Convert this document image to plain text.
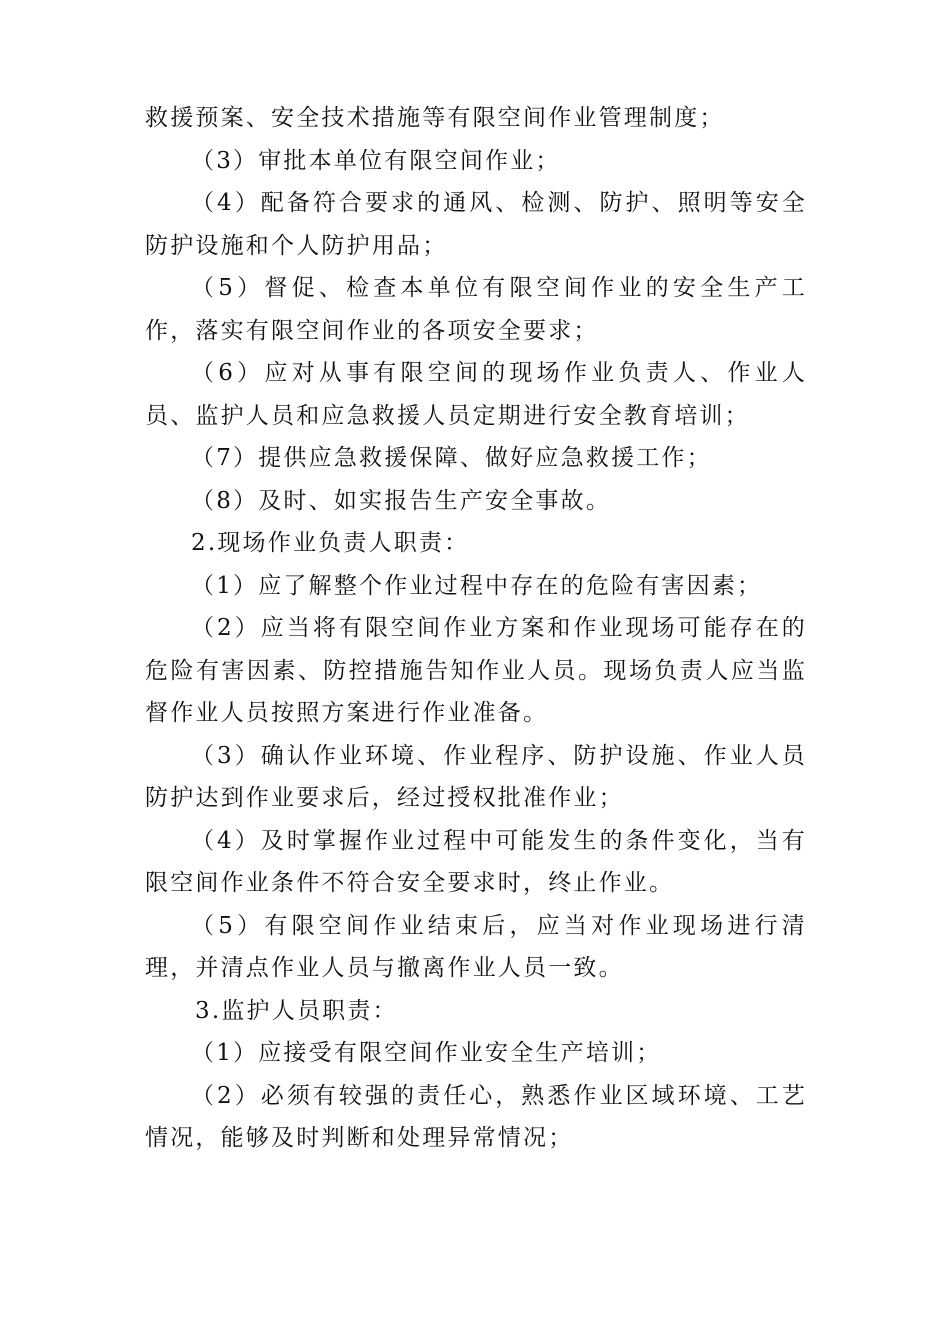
救援预案、安全技术措施等有限空间作业管理制度；

（3）审批本单位有限空间作业；

（4）配备符合要求的通风、检测、防护、照明等安全防护设施和个人防护用品；

（5）督促、检查本单位有限空间作业的安全生产工作，落实有限空间作业的各项安全要求；

（6）应对从事有限空间的现场作业负责人、作业人员、监护人员和应急救援人员定期进行安全教育培训；

（7）提供应急救援保障、做好应急救援工作；

（8）及时、如实报告生产安全事故。

2.现场作业负责人职责：

（1）应了解整个作业过程中存在的危险有害因素；

（2）应当将有限空间作业方案和作业现场可能存在的危险有害因素、防控措施告知作业人员。现场负责人应当监督作业人员按照方案进行作业准备。

（3）确认作业环境、作业程序、防护设施、作业人员防护达到作业要求后，经过授权批准作业；

（4）及时掌握作业过程中可能发生的条件变化，当有限空间作业条件不符合安全要求时，终止作业。

（5）有限空间作业结束后，应当对作业现场进行清理，并清点作业人员与撤离作业人员一致。

3.监护人员职责：

（1）应接受有限空间作业安全生产培训；

（2）必须有较强的责任心，熟悉作业区域环境、工艺情况，能够及时判断和处理异常情况；
